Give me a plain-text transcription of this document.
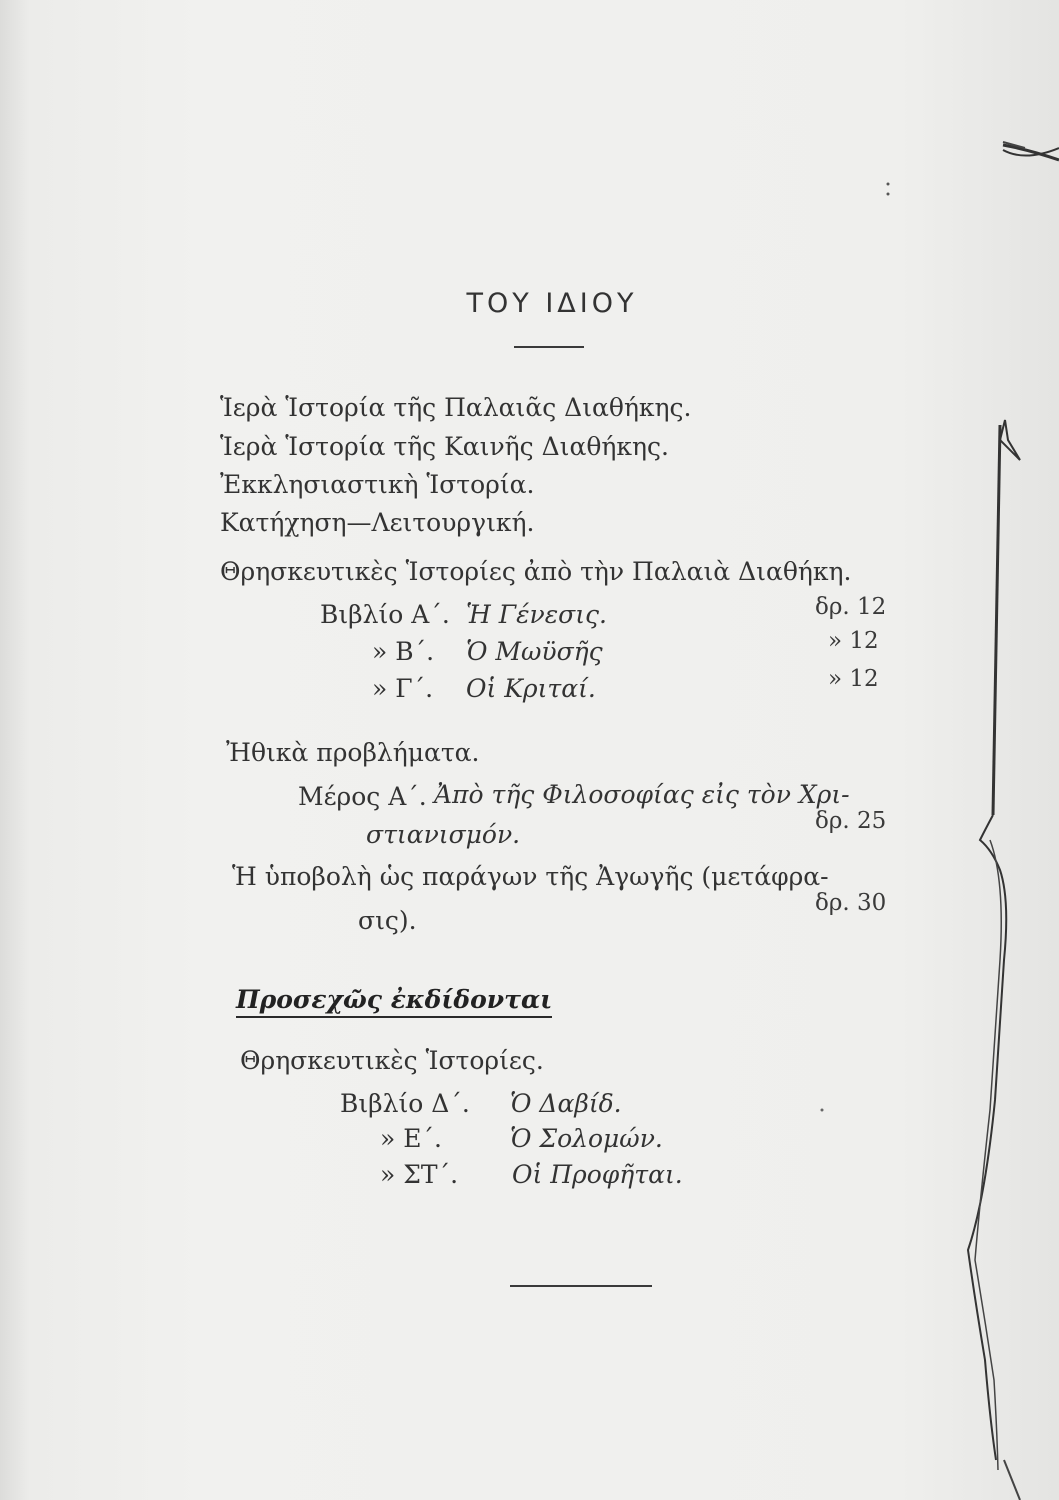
ΤΟΥ ΙΔΙΟΥ
Ἱερὰ Ἱστορία τῆς Παλαιᾶς Διαθήκης.
Ἱερὰ Ἱστορία τῆς Καινῆς Διαθήκης.
Ἐκκλησιαστικὴ Ἱστορία.
Κατήχηση—Λειτουργική.
Θρησκευτικὲς Ἱστορίες ἀπὸ τὴν Παλαιὰ Διαθήκη.
Βιβλίο Α΄. Ἡ Γένεσις.	δρ. 12
» Β΄. Ὁ Μωϋσῆς	» 12
» Γ΄. Οἱ Κριταί.	» 12
Ἠθικὰ προβλήματα.
Μέρος Α΄. Ἀπὸ τῆς Φιλοσοφίας εἰς τὸν Χρι-
στιανισμόν.	δρ. 25
Ἡ ὑποβολὴ ὡς παράγων τῆς Ἀγωγῆς (μετάφρα-
σις).
δρ. 30
Προσεχῶς ἐκδίδονται
Θρησκευτικὲς Ἱστορίες.
Βιβλίο Δ΄. Ὁ Δαβίδ.
» Ε΄.	Ὁ Σολομών.
» ΣΤ΄. Οἱ Προφῆται.
